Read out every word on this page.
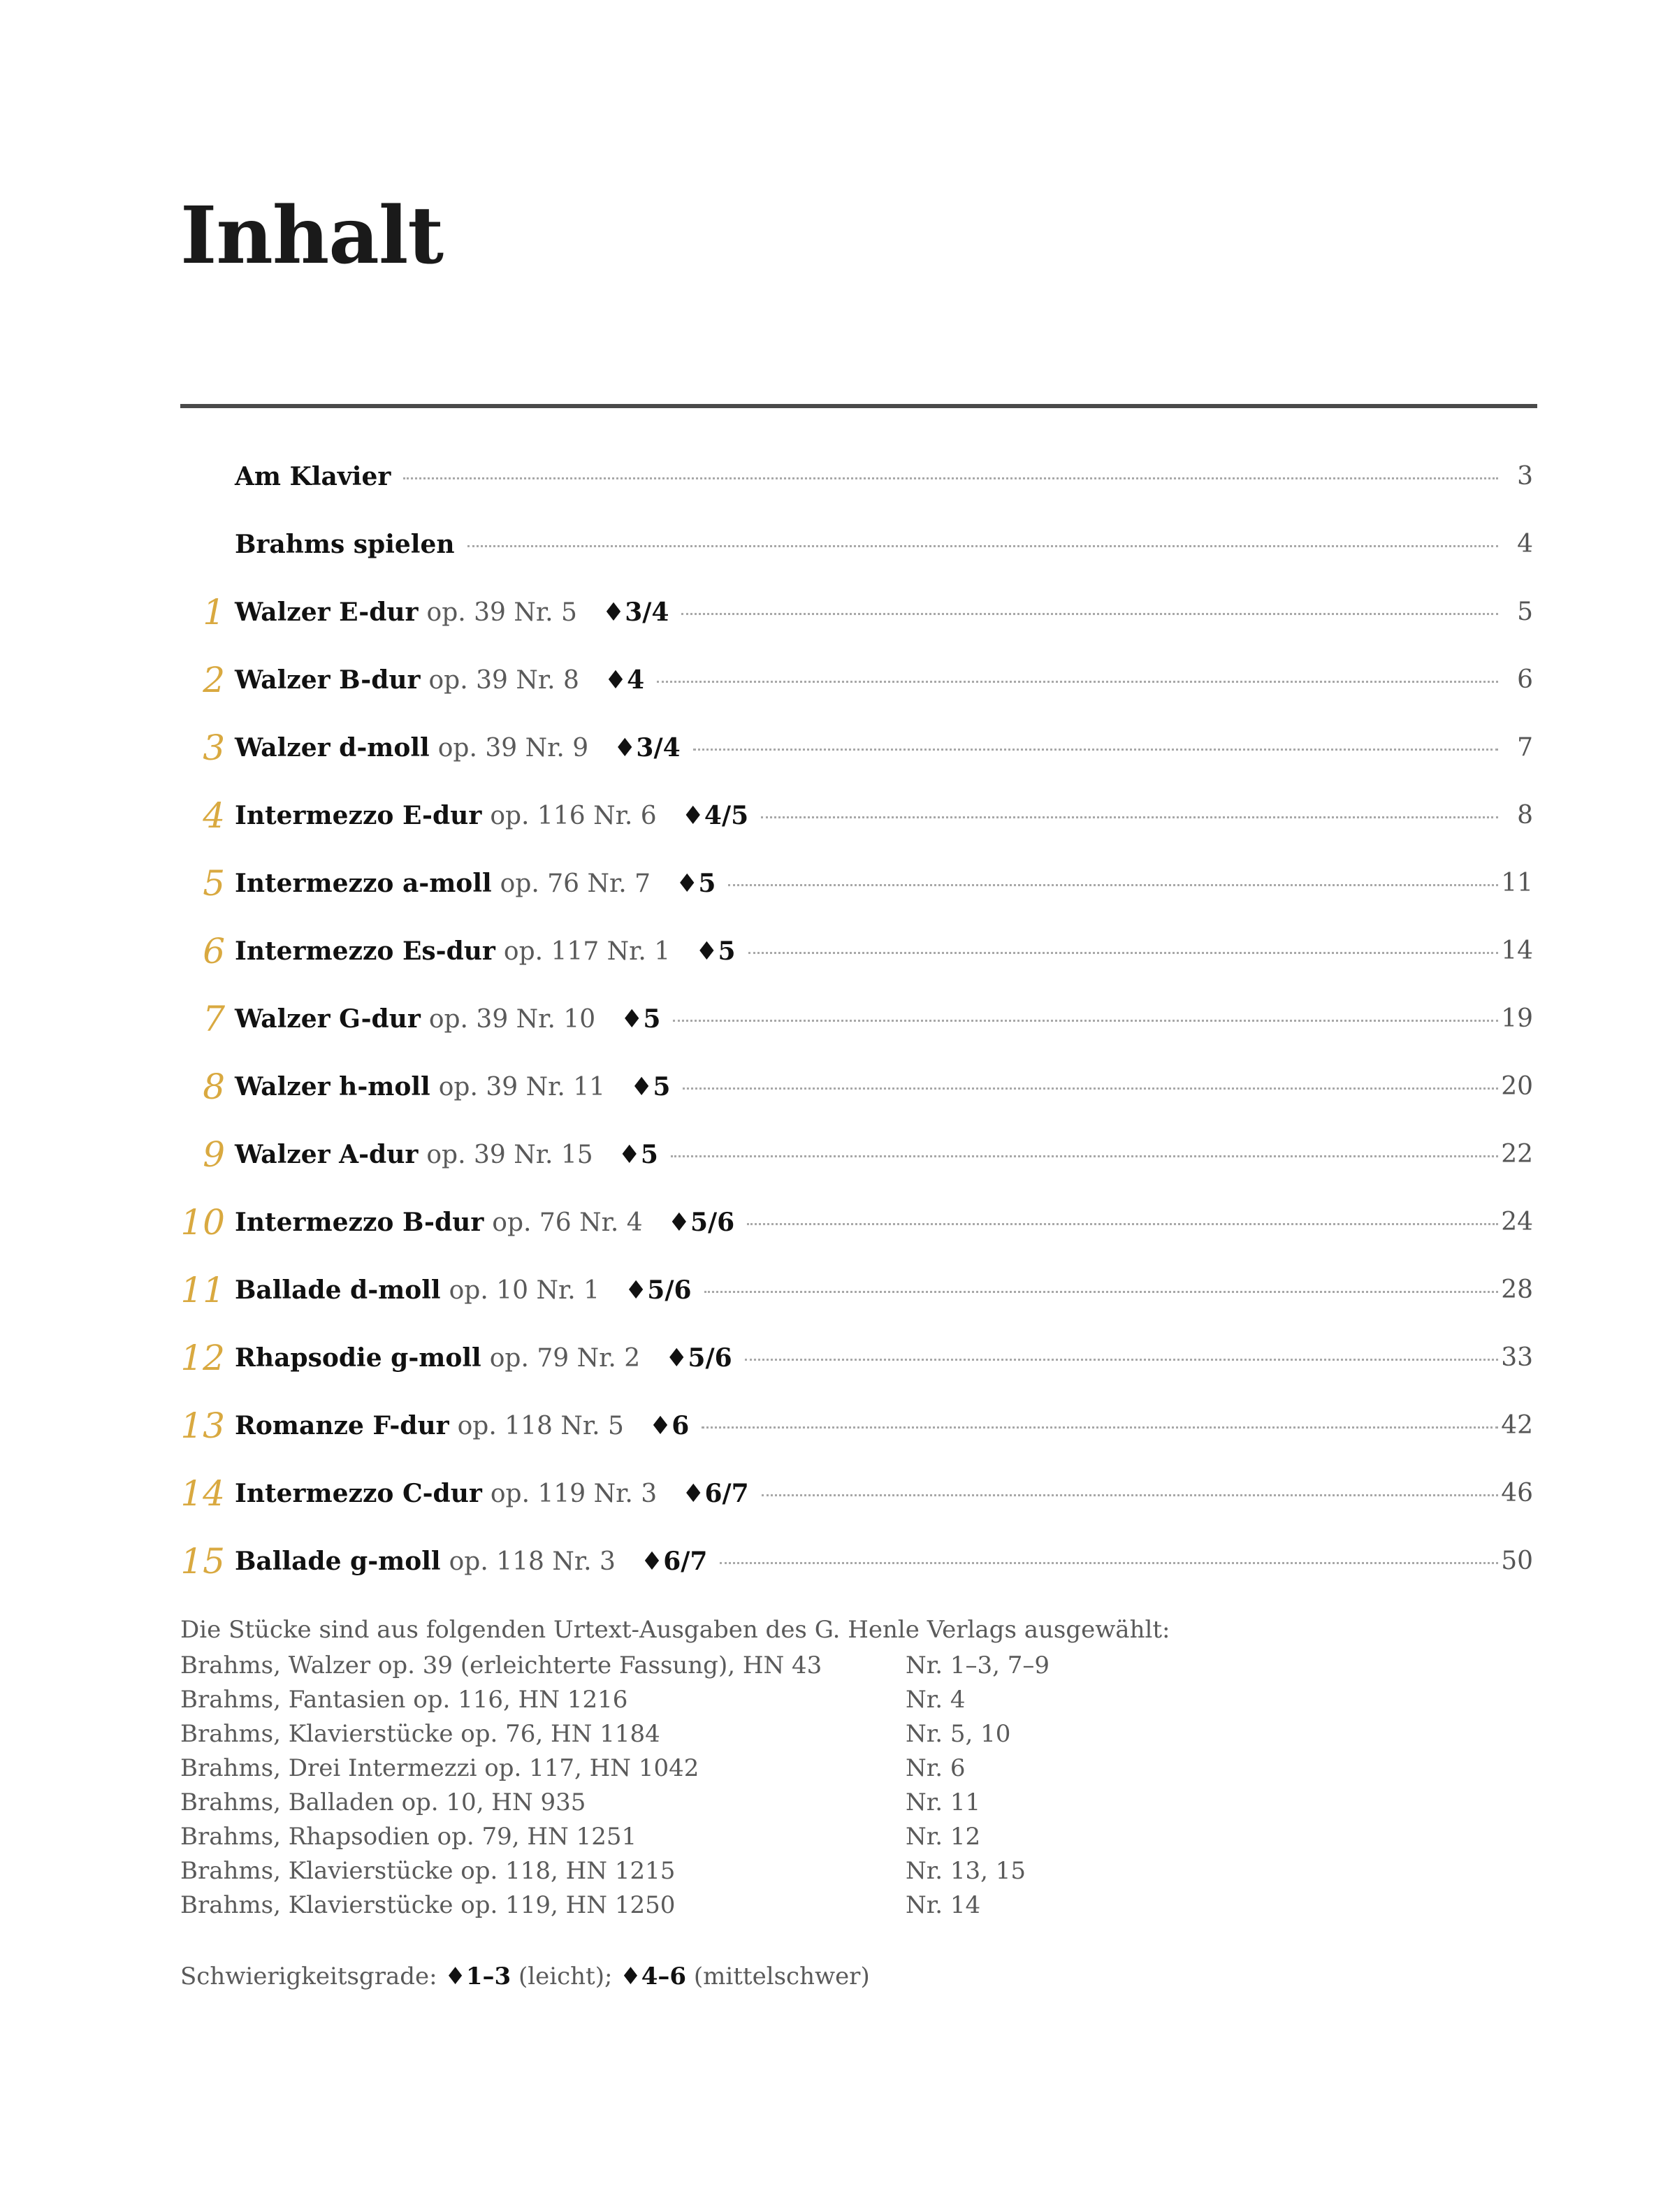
Inhalt
Am Klavier	3
Brahms spielen	4
1 Walzer E-dur op. 39 Nr. 5 ♦3/4	5
2 Walzer B-dur op. 39 Nr. 8 ♦4	6
3 Walzer d-moll op. 39 Nr. 9 ♦3/4	7
4 Intermezzo E-dur op. 116 Nr. 6 ♦4/5	8
5 Intermezzo a-moll op. 76 Nr. 7 ♦5	11
6 Intermezzo Es-dur op. 117 Nr. 1 ♦5	14
7 Walzer G-dur op. 39 Nr. 10 ♦5	19
8 Walzer h-moll op. 39 Nr. 11 ♦5	20
9 Walzer A-dur op. 39 Nr. 15 ♦5	22
10 Intermezzo B-dur op. 76 Nr. 4 ♦5/6	24
11 Ballade d-moll op. 10 Nr. 1 ♦5/6	28
12 Rhapsodie g-moll op. 79 Nr. 2 ♦5/6	33
13 Romanze F-dur op. 118 Nr. 5 ♦6	42
14 Intermezzo C-dur op. 119 Nr. 3 ♦6/7	46
15 Ballade g-moll op. 118 Nr. 3 ♦6/7	50

Die Stücke sind aus folgenden Urtext-Ausgaben des G. Henle Verlags ausgewählt:

Brahms, Walzer op. 39 (erleichterte Fassung), HN 43	Nr. 1–3, 7–9
Brahms, Fantasien op. 116, HN 1216	Nr. 4
Brahms, Klavierstücke op. 76, HN 1184	Nr. 5, 10
Brahms, Drei Intermezzi op. 117, HN 1042	Nr. 6
Brahms, Balladen op. 10, HN 935	Nr. 11
Brahms, Rhapsodien op. 79, HN 1251	Nr. 12
Brahms, Klavierstücke op. 118, HN 1215	Nr. 13, 15
Brahms, Klavierstücke op. 119, HN 1250	Nr. 14
Schwierigkeitsgrade: ♦1–3 (leicht); ♦4–6 (mittelschwer)
